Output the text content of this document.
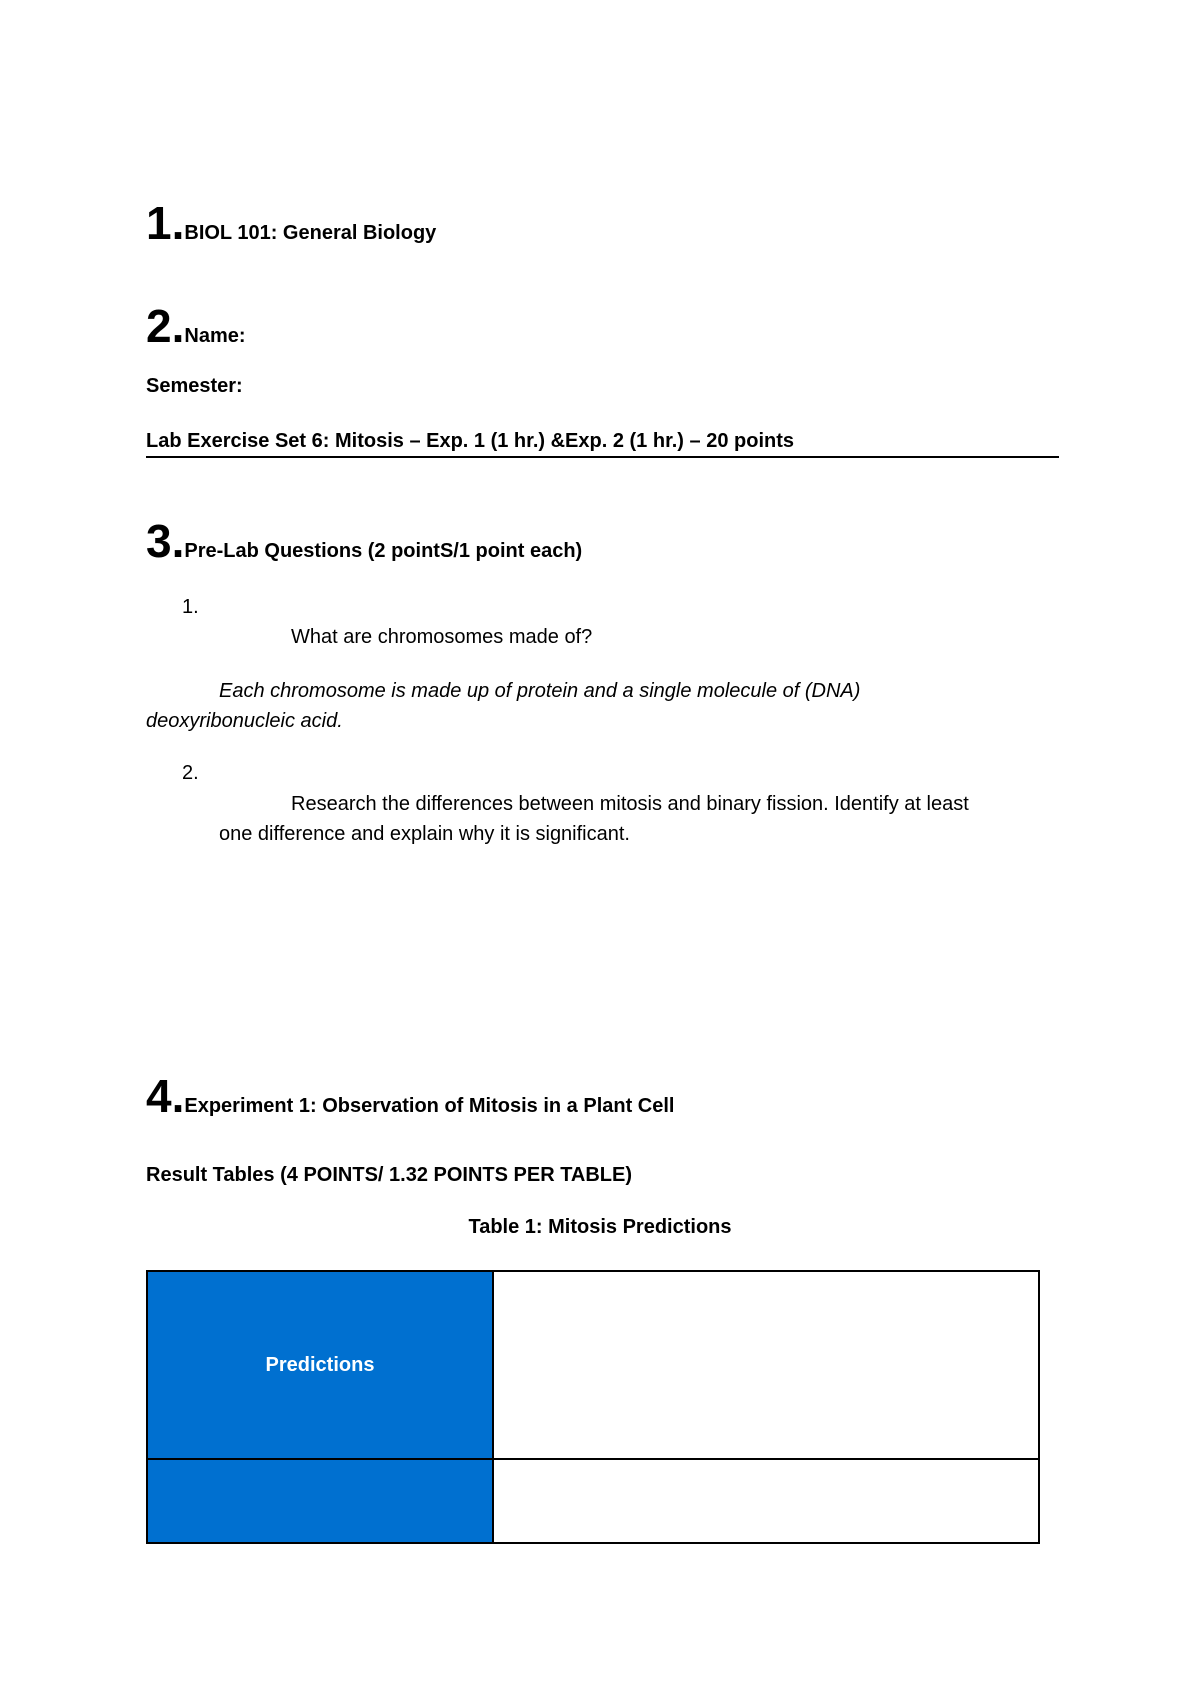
1.BIOL 101: General Biology
2.Name:
Semester:
Lab Exercise Set 6: Mitosis – Exp. 1 (1 hr.) &Exp. 2 (1 hr.) – 20 points
3.Pre-Lab Questions (2 pointS/1 point each)
1.
What are chromosomes made of?
Each chromosome is made up of protein and a single molecule of (DNA)
deoxyribonucleic acid.
2.
Research the differences between mitosis and binary fission. Identify at least
one difference and explain why it is significant.
4.Experiment 1: Observation of Mitosis in a Plant Cell
Result Tables (4 POINTS/ 1.32 POINTS PER TABLE)
Table 1: Mitosis Predictions
Predictions	
